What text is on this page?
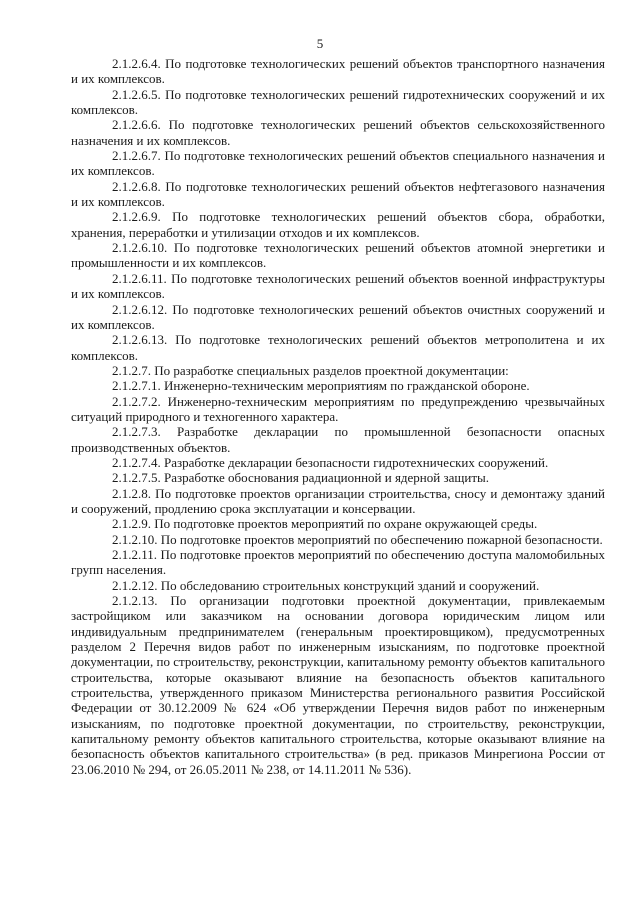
5

2.1.2.6.4. По подготовке технологических решений объектов транспортного назначения и их комплексов.

2.1.2.6.5. По подготовке технологических решений гидротехнических сооружений и их комплексов.

2.1.2.6.6. По подготовке технологических решений объектов сельскохозяйственного назначения и их комплексов.

2.1.2.6.7. По подготовке технологических решений объектов специального назначения и их комплексов.

2.1.2.6.8. По подготовке технологических решений объектов нефтегазового назначения и их комплексов.

2.1.2.6.9. По подготовке технологических решений объектов сбора, обработки, хранения, переработки и утилизации отходов и их комплексов.

2.1.2.6.10. По подготовке технологических решений объектов атомной энергетики и промышленности и их комплексов.

2.1.2.6.11. По подготовке технологических решений объектов военной инфраструктуры и их комплексов.

2.1.2.6.12. По подготовке технологических решений объектов очистных сооружений и их комплексов.

2.1.2.6.13. По подготовке технологических решений объектов метрополитена и их комплексов.

2.1.2.7. По разработке специальных разделов проектной документации:

2.1.2.7.1. Инженерно-техническим мероприятиям по гражданской обороне.

2.1.2.7.2. Инженерно-техническим мероприятиям по предупреждению чрезвычайных ситуаций природного и техногенного характера.

2.1.2.7.3. Разработке декларации по промышленной безопасности опасных производственных объектов.

2.1.2.7.4. Разработке декларации безопасности гидротехнических сооружений.

2.1.2.7.5. Разработке обоснования радиационной и ядерной защиты.

2.1.2.8. По подготовке проектов организации строительства, сносу и демонтажу зданий и сооружений, продлению срока эксплуатации и консервации.

2.1.2.9. По подготовке проектов мероприятий по охране окружающей среды.

2.1.2.10. По подготовке проектов мероприятий по обеспечению пожарной безопасности.

2.1.2.11. По подготовке проектов мероприятий по обеспечению доступа маломобильных групп населения.

2.1.2.12. По обследованию строительных конструкций зданий и сооружений.

2.1.2.13. По организации подготовки проектной документации, привлекаемым застройщиком или заказчиком на основании договора юридическим лицом или индивидуальным предпринимателем (генеральным проектировщиком), предусмотренных разделом 2 Перечня видов работ по инженерным изысканиям, по подготовке проектной документации, по строительству, реконструкции, капитальному ремонту объектов капитального строительства, которые оказывают влияние на безопасность объектов капитального строительства, утвержденного приказом Министерства регионального развития Российской Федерации от 30.12.2009 № 624 «Об утверждении Перечня видов работ по инженерным изысканиям, по подготовке проектной документации, по строительству, реконструкции, капитальному ремонту объектов капитального строительства, которые оказывают влияние на безопасность объектов капитального строительства» (в ред. приказов Минрегиона России от 23.06.2010 № 294, от 26.05.2011 № 238, от 14.11.2011 № 536).
